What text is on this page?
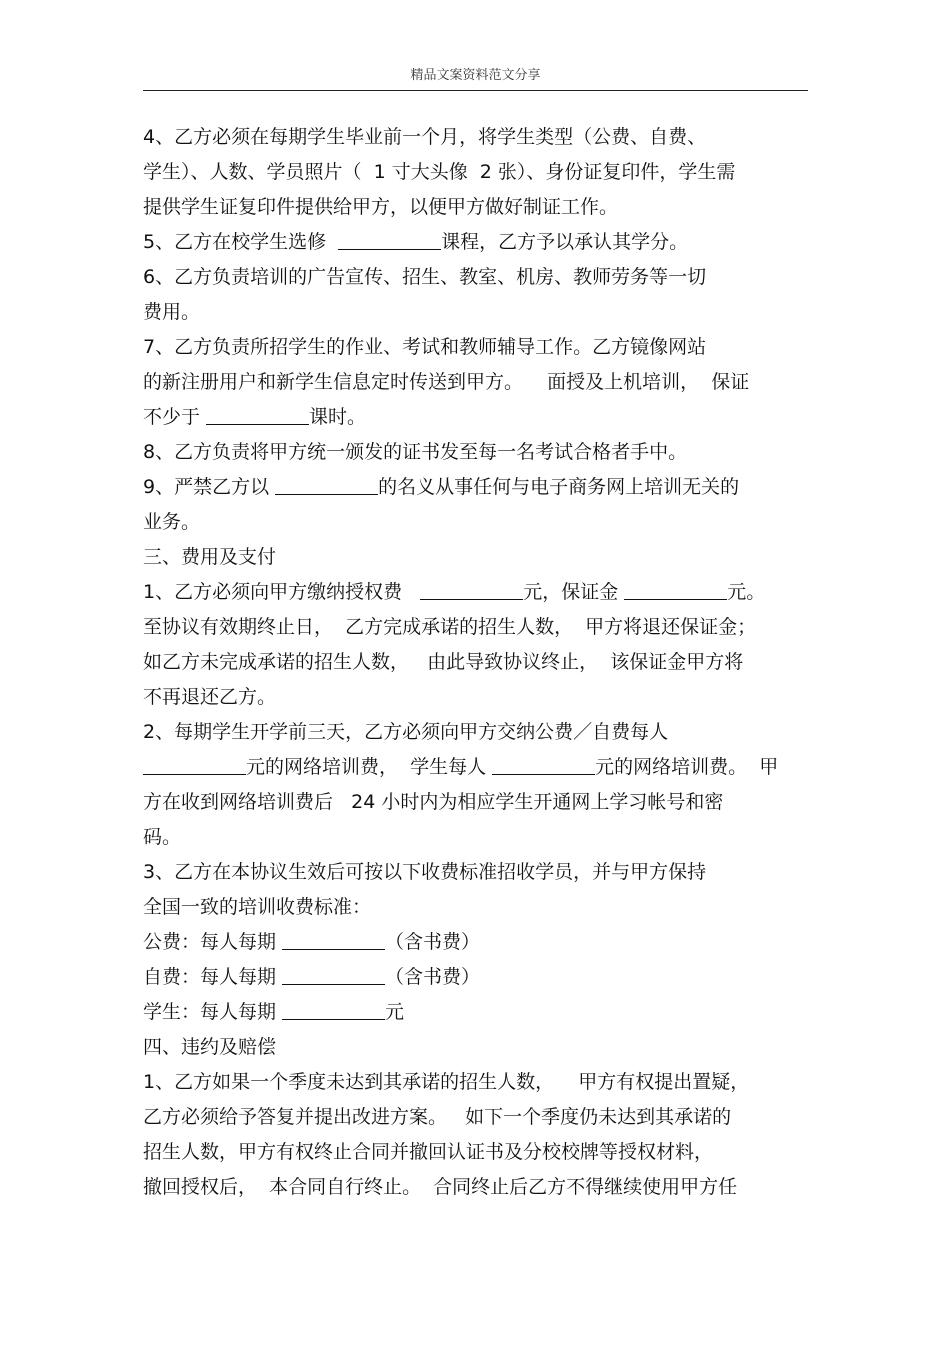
精品文案资料范文分享
4、乙方必须在每期学生毕业前一个月，将学生类型（公费、自费、
学生）、人数、学员照片（  1 寸大头像  2 张）、身份证复印件，学生需
提供学生证复印件提供给甲方，以便甲方做好制证工作。
5、乙方在校学生选修	课程，乙方予以承认其学分。
6、乙方负责培训的广告宣传、招生、教室、机房、教师劳务等一切
费用。
7、乙方负责所招学生的作业、考试和教师辅导工作。乙方镜像网站
的新注册用户和新学生信息定时传送到甲方。    面授及上机培训，  保证
不少于	课时。
8、乙方负责将甲方统一颁发的证书发至每一名考试合格者手中。
9、严禁乙方以	的名义从事任何与电子商务网上培训无关的
业务。
三、费用及支付
1、乙方必须向甲方缴纳授权费	元，保证金	元。
至协议有效期终止日，  乙方完成承诺的招生人数，  甲方将退还保证金；
如乙方未完成承诺的招生人数，   由此导致协议终止，  该保证金甲方将
不再退还乙方。
2、每期学生开学前三天，乙方必须向甲方交纳公费／自费每人
元的网络培训费，  学生每人	元的网络培训费。  甲
方在收到网络培训费后   24 小时内为相应学生开通网上学习帐号和密
码。
3、乙方在本协议生效后可按以下收费标准招收学员，并与甲方保持
全国一致的培训收费标准：
公费：每人每期	（含书费）
自费：每人每期	（含书费）
学生：每人每期	元
四、违约及赔偿
1、乙方如果一个季度未达到其承诺的招生人数，    甲方有权提出置疑，
乙方必须给予答复并提出改进方案。   如下一个季度仍未达到其承诺的
招生人数，甲方有权终止合同并撤回认证书及分校校牌等授权材料，
撤回授权后，  本合同自行终止。  合同终止后乙方不得继续使用甲方任
